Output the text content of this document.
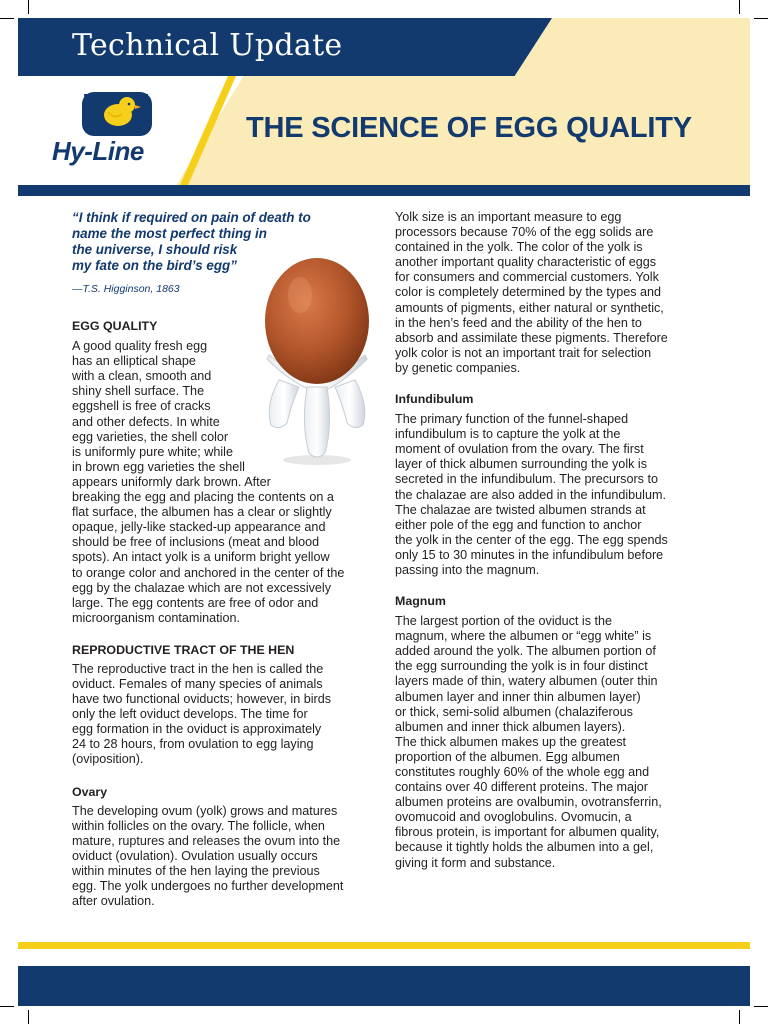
Technical Update
THE SCIENCE OF EGG QUALITY
Hy-Line
“I think if required on pain of death to
name the most perfect thing in
the universe, I should risk
my fate on the bird’s egg”

—T.S. Higginson, 1863

EGG QUALITY
A good quality fresh egg
has an elliptical shape
with a clean, smooth and
shiny shell surface. The
eggshell is free of cracks
and other defects. In white
egg varieties, the shell color
is uniformly pure white; while
in brown egg varieties the shell
appears uniformly dark brown. After
breaking the egg and placing the contents on a
flat surface, the albumen has a clear or slightly
opaque, jelly-like stacked-up appearance and
should be free of inclusions (meat and blood
spots). An intact yolk is a uniform bright yellow
to orange color and anchored in the center of the
egg by the chalazae which are not excessively
large. The egg contents are free of odor and
microorganism contamination.
REPRODUCTIVE TRACT OF THE HEN
The reproductive tract in the hen is called the
oviduct. Females of many species of animals
have two functional oviducts; however, in birds
only the left oviduct develops. The time for
egg formation in the oviduct is approximately
24 to 28 hours, from ovulation to egg laying
(oviposition).
Ovary
The developing ovum (yolk) grows and matures
within follicles on the ovary. The follicle, when
mature, ruptures and releases the ovum into the
oviduct (ovulation). Ovulation usually occurs
within minutes of the hen laying the previous
egg. The yolk undergoes no further development
after ovulation.
Yolk size is an important measure to egg
processors because 70% of the egg solids are
contained in the yolk. The color of the yolk is
another important quality characteristic of eggs
for consumers and commercial customers. Yolk
color is completely determined by the types and
amounts of pigments, either natural or synthetic,
in the hen’s feed and the ability of the hen to
absorb and assimilate these pigments. Therefore
yolk color is not an important trait for selection
by genetic companies.
Infundibulum
The primary function of the funnel-shaped
infundibulum is to capture the yolk at the
moment of ovulation from the ovary. The first
layer of thick albumen surrounding the yolk is
secreted in the infundibulum. The precursors to
the chalazae are also added in the infundibulum.
The chalazae are twisted albumen strands at
either pole of the egg and function to anchor
the yolk in the center of the egg. The egg spends
only 15 to 30 minutes in the infundibulum before
passing into the magnum.
Magnum
The largest portion of the oviduct is the
magnum, where the albumen or “egg white” is
added around the yolk. The albumen portion of
the egg surrounding the yolk is in four distinct
layers made of thin, watery albumen (outer thin
albumen layer and inner thin albumen layer)
or thick, semi-solid albumen (chalaziferous
albumen and inner thick albumen layers).
The thick albumen makes up the greatest
proportion of the albumen. Egg albumen
constitutes roughly 60% of the whole egg and
contains over 40 different proteins. The major
albumen proteins are ovalbumin, ovotransferrin,
ovomucoid and ovoglobulins. Ovomucin, a
fibrous protein, is important for albumen quality,
because it tightly holds the albumen into a gel,
giving it form and substance.
